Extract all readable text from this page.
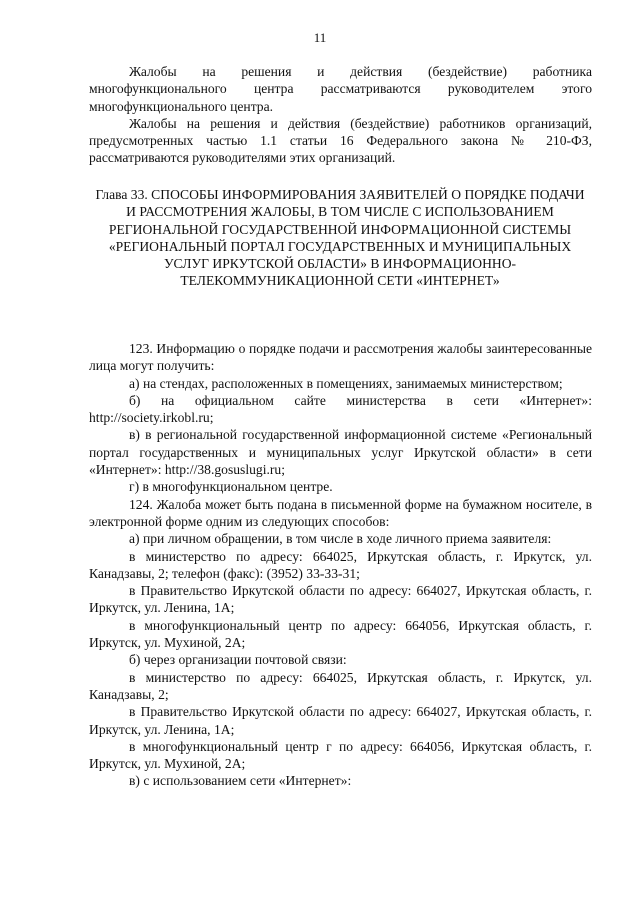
11

Жалобы на решения и действия (бездействие) работника многофункционального центра рассматриваются руководителем этого многофункционального центра.

Жалобы на решения и действия (бездействие) работников организаций, предусмотренных частью 1.1 статьи 16 Федерального закона № 210-ФЗ, рассматриваются руководителями этих организаций.

Глава 33. СПОСОБЫ ИНФОРМИРОВАНИЯ ЗАЯВИТЕЛЕЙ О ПОРЯДКЕ ПОДАЧИ И РАССМОТРЕНИЯ ЖАЛОБЫ, В ТОМ ЧИСЛЕ С ИСПОЛЬЗОВАНИЕМ РЕГИОНАЛЬНОЙ ГОСУДАРСТВЕННОЙ ИНФОРМАЦИОННОЙ СИСТЕМЫ «РЕГИОНАЛЬНЫЙ ПОРТАЛ ГОСУДАРСТВЕННЫХ И МУНИЦИПАЛЬНЫХ УСЛУГ ИРКУТСКОЙ ОБЛАСТИ» В ИНФОРМАЦИОННО-ТЕЛЕКОММУНИКАЦИОННОЙ СЕТИ «ИНТЕРНЕТ»

123. Информацию о порядке подачи и рассмотрения жалобы заинтересованные лица могут получить:

а) на стендах, расположенных в помещениях, занимаемых министерством;

б) на официальном сайте министерства в сети «Интернет»: http://society.irkobl.ru;

в) в региональной государственной информационной системе «Региональный портал государственных и муниципальных услуг Иркутской области» в сети «Интернет»: http://38.gosuslugi.ru;

г) в многофункциональном центре.

124. Жалоба может быть подана в письменной форме на бумажном носителе, в электронной форме одним из следующих способов:

а) при личном обращении, в том числе в ходе личного приема заявителя:

в министерство по адресу: 664025, Иркутская область, г. Иркутск, ул. Канадзавы, 2; телефон (факс): (3952) 33-33-31;

в Правительство Иркутской области по адресу: 664027, Иркутская область, г. Иркутск, ул. Ленина, 1А;

в многофункциональный центр по адресу: 664056, Иркутская область, г. Иркутск, ул. Мухиной, 2А;

б) через организации почтовой связи:

в министерство по адресу: 664025, Иркутская область, г. Иркутск, ул. Канадзавы, 2;

в Правительство Иркутской области по адресу: 664027, Иркутская область, г. Иркутск, ул. Ленина, 1А;

в многофункциональный центр г по адресу: 664056, Иркутская область, г. Иркутск, ул. Мухиной, 2А;

в) с использованием сети «Интернет»:
